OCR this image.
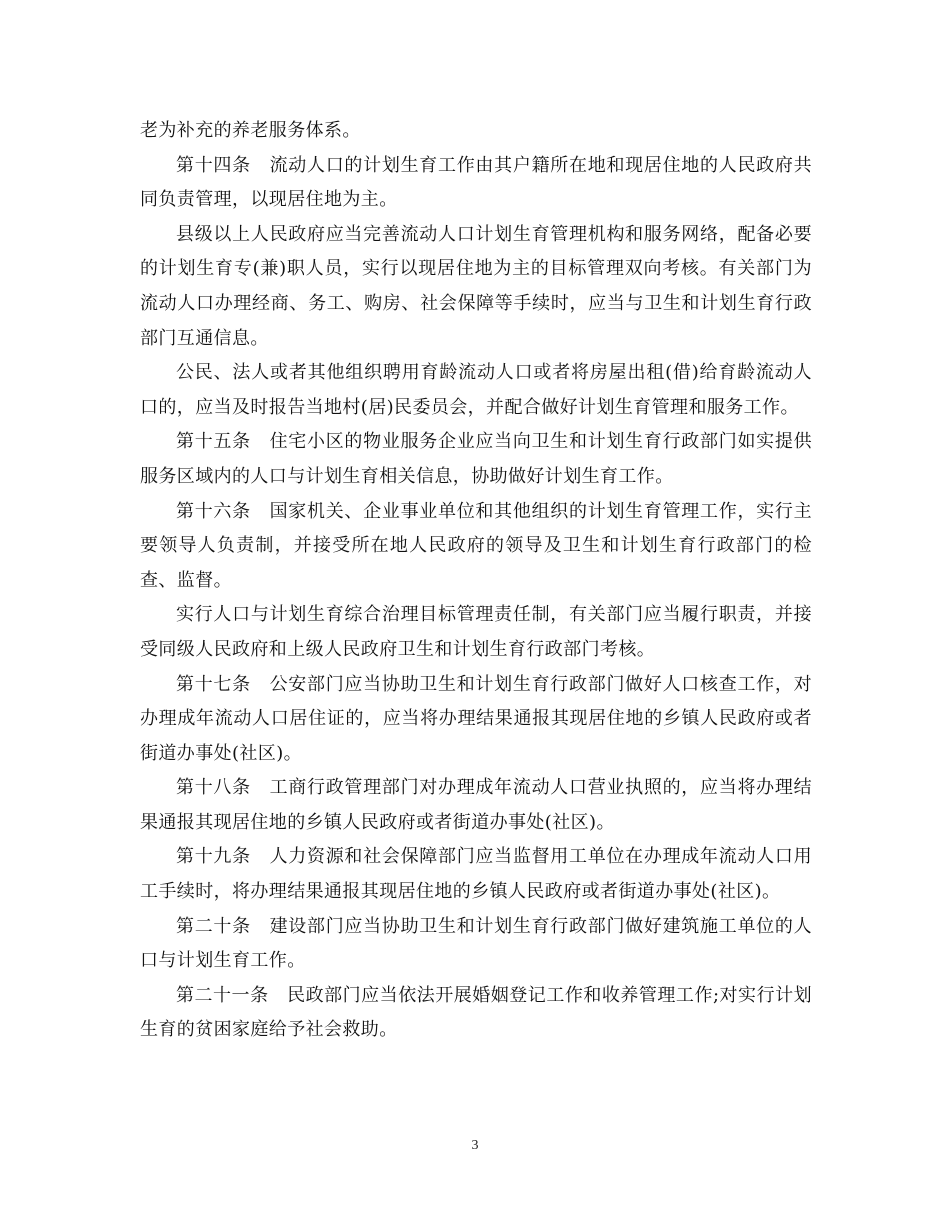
老为补充的养老服务体系。

第十四条　流动人口的计划生育工作由其户籍所在地和现居住地的人民政府共同负责管理，以现居住地为主。

县级以上人民政府应当完善流动人口计划生育管理机构和服务网络，配备必要的计划生育专(兼)职人员，实行以现居住地为主的目标管理双向考核。有关部门为流动人口办理经商、务工、购房、社会保障等手续时，应当与卫生和计划生育行政部门互通信息。

公民、法人或者其他组织聘用育龄流动人口或者将房屋出租(借)给育龄流动人口的，应当及时报告当地村(居)民委员会，并配合做好计划生育管理和服务工作。

第十五条　住宅小区的物业服务企业应当向卫生和计划生育行政部门如实提供服务区域内的人口与计划生育相关信息，协助做好计划生育工作。

第十六条　国家机关、企业事业单位和其他组织的计划生育管理工作，实行主要领导人负责制，并接受所在地人民政府的领导及卫生和计划生育行政部门的检查、监督。

实行人口与计划生育综合治理目标管理责任制，有关部门应当履行职责，并接受同级人民政府和上级人民政府卫生和计划生育行政部门考核。

第十七条　公安部门应当协助卫生和计划生育行政部门做好人口核查工作，对办理成年流动人口居住证的，应当将办理结果通报其现居住地的乡镇人民政府或者街道办事处(社区)。

第十八条　工商行政管理部门对办理成年流动人口营业执照的，应当将办理结果通报其现居住地的乡镇人民政府或者街道办事处(社区)。

第十九条　人力资源和社会保障部门应当监督用工单位在办理成年流动人口用工手续时，将办理结果通报其现居住地的乡镇人民政府或者街道办事处(社区)。

第二十条　建设部门应当协助卫生和计划生育行政部门做好建筑施工单位的人口与计划生育工作。

第二十一条　民政部门应当依法开展婚姻登记工作和收养管理工作;对实行计划生育的贫困家庭给予社会救助。

3
